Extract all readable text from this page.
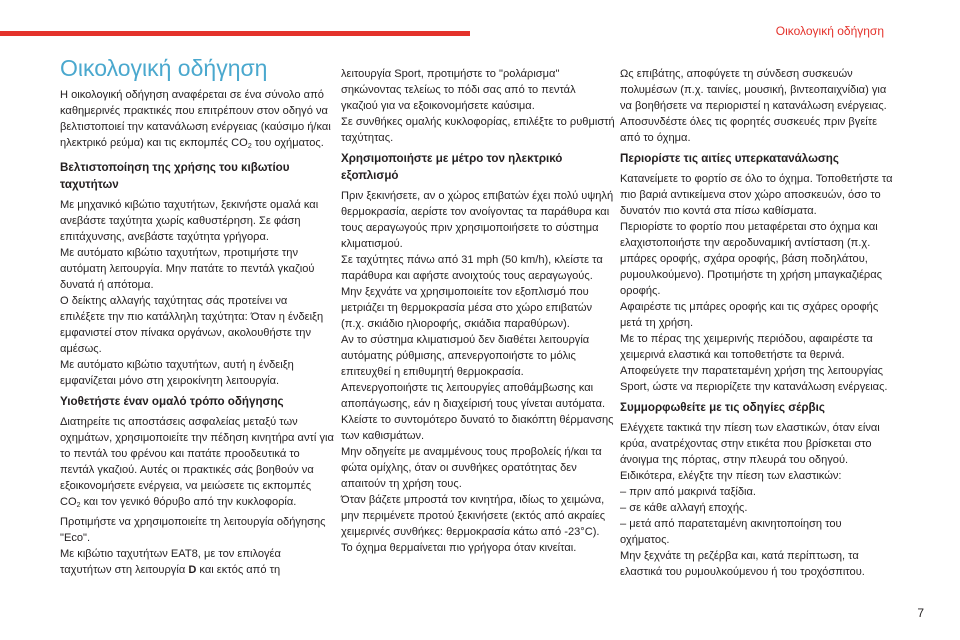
Οικολογική οδήγηση
7
Οικολογική οδήγηση

Η οικολογική οδήγηση αναφέρεται σε ένα σύνολο από καθημερινές πρακτικές που επιτρέπουν στον οδηγό να βελτιστοποιεί την κατανάλωση ενέργειας (καύσιμο ή/και ηλεκτρικό ρεύμα) και τις εκπομπές $CO_2$ του οχήματος.

Βελτιστοποίηση της χρήσης του κιβωτίου ταχυτήτων

Με μηχανικό κιβώτιο ταχυτήτων, ξεκινήστε ομαλά και ανεβάστε ταχύτητα χωρίς καθυστέρηση. Σε φάση επιτάχυνσης, ανεβάστε ταχύτητα γρήγορα.

Με αυτόματο κιβώτιο ταχυτήτων, προτιμήστε την αυτόματη λειτουργία. Μην πατάτε το πεντάλ γκαζιού δυνατά ή απότομα.

Ο δείκτης αλλαγής ταχύτητας σάς προτείνει να επιλέξετε την πιο κατάλληλη ταχύτητα: Όταν η ένδειξη εμφανιστεί στον πίνακα οργάνων, ακολουθήστε την αμέσως.

Με αυτόματο κιβώτιο ταχυτήτων, αυτή η ένδειξη εμφανίζεται μόνο στη χειροκίνητη λειτουργία.

Υιοθετήστε έναν ομαλό τρόπο οδήγησης

Διατηρείτε τις αποστάσεις ασφαλείας μεταξύ των οχημάτων, χρησιμοποιείτε την πέδηση κινητήρα αντί για το πεντάλ του φρένου και πατάτε προοδευτικά το πεντάλ γκαζιού. Αυτές οι πρακτικές σάς βοηθούν να εξοικονομήσετε ενέργεια, να μειώσετε τις εκπομπές $CO_2$ και τον γενικό θόρυβο από την κυκλοφορία.

Προτιμήστε να χρησιμοποιείτε τη λειτουργία οδήγησης "Eco".

Με κιβώτιο ταχυτήτων EAT8, με τον επιλογέα ταχυτήτων στη λειτουργία D και εκτός από τη

λειτουργία Sport, προτιμήστε το "ρολάρισμα" σηκώνοντας τελείως το πόδι σας από το πεντάλ γκαζιού για να εξοικονομήσετε καύσιμα.

Σε συνθήκες ομαλής κυκλοφορίας, επιλέξτε το ρυθμιστή ταχύτητας.

Χρησιμοποιήστε με μέτρο τον ηλεκτρικό εξοπλισμό

Πριν ξεκινήσετε, αν ο χώρος επιβατών έχει πολύ υψηλή θερμοκρασία, αερίστε τον ανοίγοντας τα παράθυρα και τους αεραγωγούς πριν χρησιμοποιήσετε το σύστημα κλιματισμού.

Σε ταχύτητες πάνω από 31 mph (50 km/h), κλείστε τα παράθυρα και αφήστε ανοιχτούς τους αεραγωγούς.

Μην ξεχνάτε να χρησιμοποιείτε τον εξοπλισμό που μετριάζει τη θερμοκρασία μέσα στο χώρο επιβατών (π.χ. σκιάδιο ηλιοροφής, σκιάδια παραθύρων).

Αν το σύστημα κλιματισμού δεν διαθέτει λειτουργία αυτόματης ρύθμισης, απενεργοποιήστε το μόλις επιτευχθεί η επιθυμητή θερμοκρασία.

Απενεργοποιήστε τις λειτουργίες αποθάμβωσης και αποπάγωσης, εάν η διαχείρισή τους γίνεται αυτόματα.

Κλείστε το συντομότερο δυνατό το διακόπτη θέρμανσης των καθισμάτων.

Μην οδηγείτε με αναμμένους τους προβολείς ή/και τα φώτα ομίχλης, όταν οι συνθήκες ορατότητας δεν απαιτούν τη χρήση τους.

Όταν βάζετε μπροστά τον κινητήρα, ιδίως το χειμώνα, μην περιμένετε προτού ξεκινήσετε (εκτός από ακραίες χειμερινές συνθήκες: θερμοκρασία κάτω από -23°C).

Το όχημα θερμαίνεται πιο γρήγορα όταν κινείται.

Ως επιβάτης, αποφύγετε τη σύνδεση συσκευών πολυμέσων (π.χ. ταινίες, μουσική, βιντεοπαιχνίδια) για να βοηθήσετε να περιοριστεί η κατανάλωση ενέργειας.

Αποσυνδέστε όλες τις φορητές συσκευές πριν βγείτε από το όχημα.

Περιορίστε τις αιτίες υπερκατανάλωσης

Κατανείμετε το φορτίο σε όλο το όχημα. Τοποθετήστε τα πιο βαριά αντικείμενα στον χώρο αποσκευών, όσο το δυνατόν πιο κοντά στα πίσω καθίσματα.

Περιορίστε το φορτίο που μεταφέρεται στο όχημα και ελαχιστοποιήστε την αεροδυναμική αντίσταση (π.χ. μπάρες οροφής, σχάρα οροφής, βάση ποδηλάτου, ρυμουλκούμενο). Προτιμήστε τη χρήση μπαγκαζιέρας οροφής.

Αφαιρέστε τις μπάρες οροφής και τις σχάρες οροφής μετά τη χρήση.

Με το πέρας της χειμερινής περιόδου, αφαιρέστε τα χειμερινά ελαστικά και τοποθετήστε τα θερινά.

Αποφεύγετε την παρατεταμένη χρήση της λειτουργίας Sport, ώστε να περιορίζετε την κατανάλωση ενέργειας.

Συμμορφωθείτε με τις οδηγίες σέρβις

Ελέγχετε τακτικά την πίεση των ελαστικών, όταν είναι κρύα, ανατρέχοντας στην ετικέτα που βρίσκεται στο άνοιγμα της πόρτας, στην πλευρά του οδηγού.

Ειδικότερα, ελέγξτε την πίεση των ελαστικών:

– πριν από μακρινά ταξίδια.

– σε κάθε αλλαγή εποχής.

– μετά από παρατεταμένη ακινητοποίηση του οχήματος.

Μην ξεχνάτε τη ρεζέρβα και, κατά περίπτωση, τα ελαστικά του ρυμουλκούμενου ή του τροχόσπιτου.
